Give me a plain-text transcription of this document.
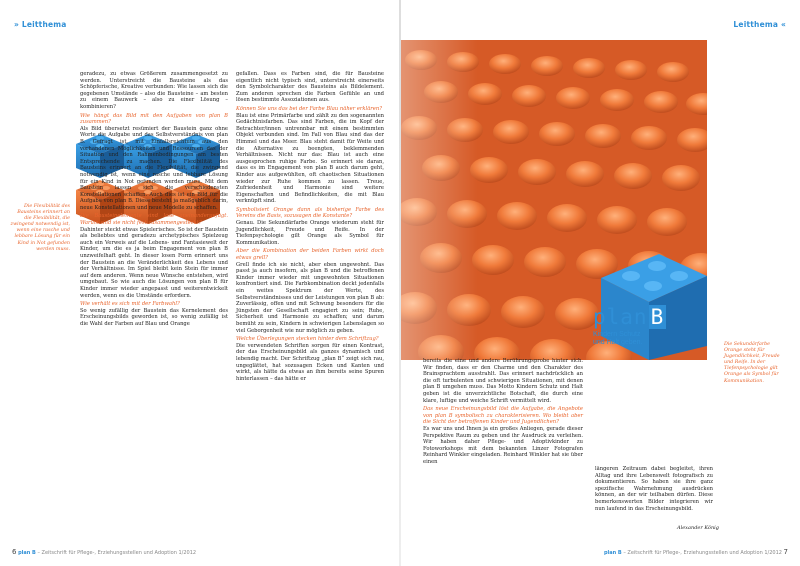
» Leitthema
Die Flexibilität des Bausteins erinnert an die Flexibilität, die zwingend notwendig ist, wenn eine rasche und lebbare Lösung für ein Kind in Not gefunden werden muss.

geradezu, zu etwas Größerem zusammengesetzt zu werden. Unterstreicht die Bausteine als das Schöpferische, Kreative verbunden: Wie lassen sich die gegebenen Umstände – also die Bausteine – am besten zu einem Bauwerk – also zu einer Lösung – kombinieren?

Wie hängt das Bild mit den Aufgaben von plan B zusammen?

Als Bild übersetzt resümiert der Baustein ganz ohne Worte die Aufgabe und das Selbstverständnis von plan B. Gefragt ist, mit Einfallsreichtum aus den vorhandenen Möglichkeiten und Ressourcen das der Situation und den Rahmenbedingungen am besten Entsprechende zu machen. Die Flexibilität des Bausteins erinnert an die Flexibilität, die zwingend notwendig ist, wenn eine rasche und lebbare Lösung für ein Kind in Not gefunden werden muss. Mit dem Baustein lassen sich die verschiedensten Konstellationen schaffen. Auch dies ist ein Bild für die Aufgabe von plan B. Diese besteht ja maßgeblich darin, neue Konstellationen und neue Modelle zu schaffen.

Die Bausteinelemente sind lose aneinandergefügt. Warum sind sie nicht fest zusammengesteckt?

Dahinter steckt etwas Spielerisches. So ist der Baustein als beliebtes und geradezu archetypisches Spielzeug auch ein Verweis auf die Lebens- und Fantasiewelt der Kinder, um die es ja beim Engagement von plan B unzweifelhaft geht. In dieser losen Form erinnert uns der Baustein an die Veränderlichkeit des Lebens und der Verhältnisse. Im Spiel bleibt kein Stein für immer auf dem anderen. Wenn neue Wünsche entstehen, wird umgebaut. So wie auch die Lösungen von plan B für Kinder immer wieder angepasst und weiterentwickelt werden, wenn es die Umstände erfordern.

Wie verhält es sich mit der Farbwahl?

So wenig zufällig der Baustein das Kernelement des Erscheinungsbilds geworden ist, so wenig zufällig ist die Wahl der Farben auf Blau und Orange

gefallen. Dass es Farben sind, die für Bausteine eigentlich nicht typisch sind, unterstreicht einerseits den Symbolcharakter des Bausteins als Bildelement. Zum anderen sprechen die Farben Gefühle an und lösen bestimmte Assoziationen aus.

Können Sie uns das bei der Farbe Blau näher erklären?

Blau ist eine Primärfarbe und zählt zu den sogenannten Gedächtnisfarben. Das sind Farben, die im Kopf der Betrachter/innen untrennbar mit einem bestimmten Objekt verbunden sind. Im Fall von Blau sind das der Himmel und das Meer. Blau steht damit für Weite und die Alternative zu beengten, beklemmenden Verhältnissen. Nicht nur das: Blau ist auch eine ausgesprochen ruhige Farbe. So erinnert sie daran, dass es im Engagement von plan B auch darum geht, Kinder aus aufgewühlten, oft chaotischen Situationen wieder zur Ruhe kommen zu lassen. Treue, Zufriedenheit und Harmonie sind weitere Eigenschaften und Befindlichkeiten, die mit Blau verknüpft sind.

Symbolisiert Orange dann als bisherige Farbe des Vereins die Basis, sozusagen die Konstante?

Genau. Die Sekundärfarbe Orange wiederum steht für Jugendlichkeit, Freude und Reife. In der Tiefenpsychologie gilt Orange als Symbol für Kommunikation.

Aber die Kombination der beiden Farben wirkt doch etwas grell?

Grell finde ich sie nicht, aber eben ungewohnt. Das passt ja auch insofern, als plan B und die betroffenen Kinder immer wieder mit ungewohnten Situationen konfrontiert sind. Die Farbkombination deckt jedenfalls ein weites Spektrum der Werte, des Selbstverständnisses und der Leistungen von plan B ab: Zuverlässig, offen und mit Schwung besonders für die Jüngsten der Gesellschaft engagiert zu sein; Ruhe, Sicherheit und Harmonie zu schaffen; und darum bemüht zu sein, Kindern in schwierigen Lebenslagen so viel Geborgenheit wie nur möglich zu geben.

Welche Überlegungen stecken hinter dem Schriftzug?

Die verwendeten Schriften sorgen für einen Kontrast, der das Erscheinungsbild als ganzes dynamisch und lebendig macht. Der Schriftzug „plan B“ zeigt sich rau, ungeglättet, hat sozusagen Ecken und Kanten und wirkt, als hätte da etwas an ihm bereits seine Spuren hinterlassen – das hätte er

6 plan B – Zeitschrift für Pflege-, Erziehungsstellen und Adoption 1/2012
Leitthema «
plan B
Kindern Schutz
und Halt geben.	Die Sekundärfarbe Orange steht für Jugendlichkeit, Freude und Reife. In der Tiefenpsychologie gilt Orange als Symbol für Kommunikation.

bereits die eine und andere Berührungsprobe hinter sich. Wir finden, dass er den Charme und den Charakter des Brainsprachtem ausstrahlt. Das erinnert nachdrücklich an die oft turbulenten und schwierigen Situationen, mit denen plan B umgehen muss. Das Motto Kindern Schutz und Halt geben ist die unverzichtliche Botschaft, die durch eine klare, luftige und weiche Schrift vermittelt wird.

Das neue Erscheinungsbild löst die Aufgabe, die Angebote von plan B symbolisch zu charakterisieren. Wo bleibt aber die Sicht der betroffenen Kinder und Jugendlichen?

Es war uns und Ihnen ja ein großes Anliegen, gerade dieser Perspektive Raum zu geben und ihr Ausdruck zu verleihen. Wir haben daher Pflege- und Adoptivkinder zu Fotoworkshops mit dem bekannten Linzer Fotografen Reinhard Winkler eingeladen. Reinhard Winkler hat sie über einen

längeren Zeitraum dabei begleitet, ihren Alltag und ihre Lebenswelt fotografisch zu dokumentieren. So haben sie ihre ganz spezifische Wahrnehmung ausdrücken können, an der wir teilhaben dürfen. Diese bemerkenswerten Bilder integrieren wir nun laufend in das Erscheinungsbild.

Alexander König
plan B – Zeitschrift für Pflege-, Erziehungsstellen und Adoption 1/2012 7
